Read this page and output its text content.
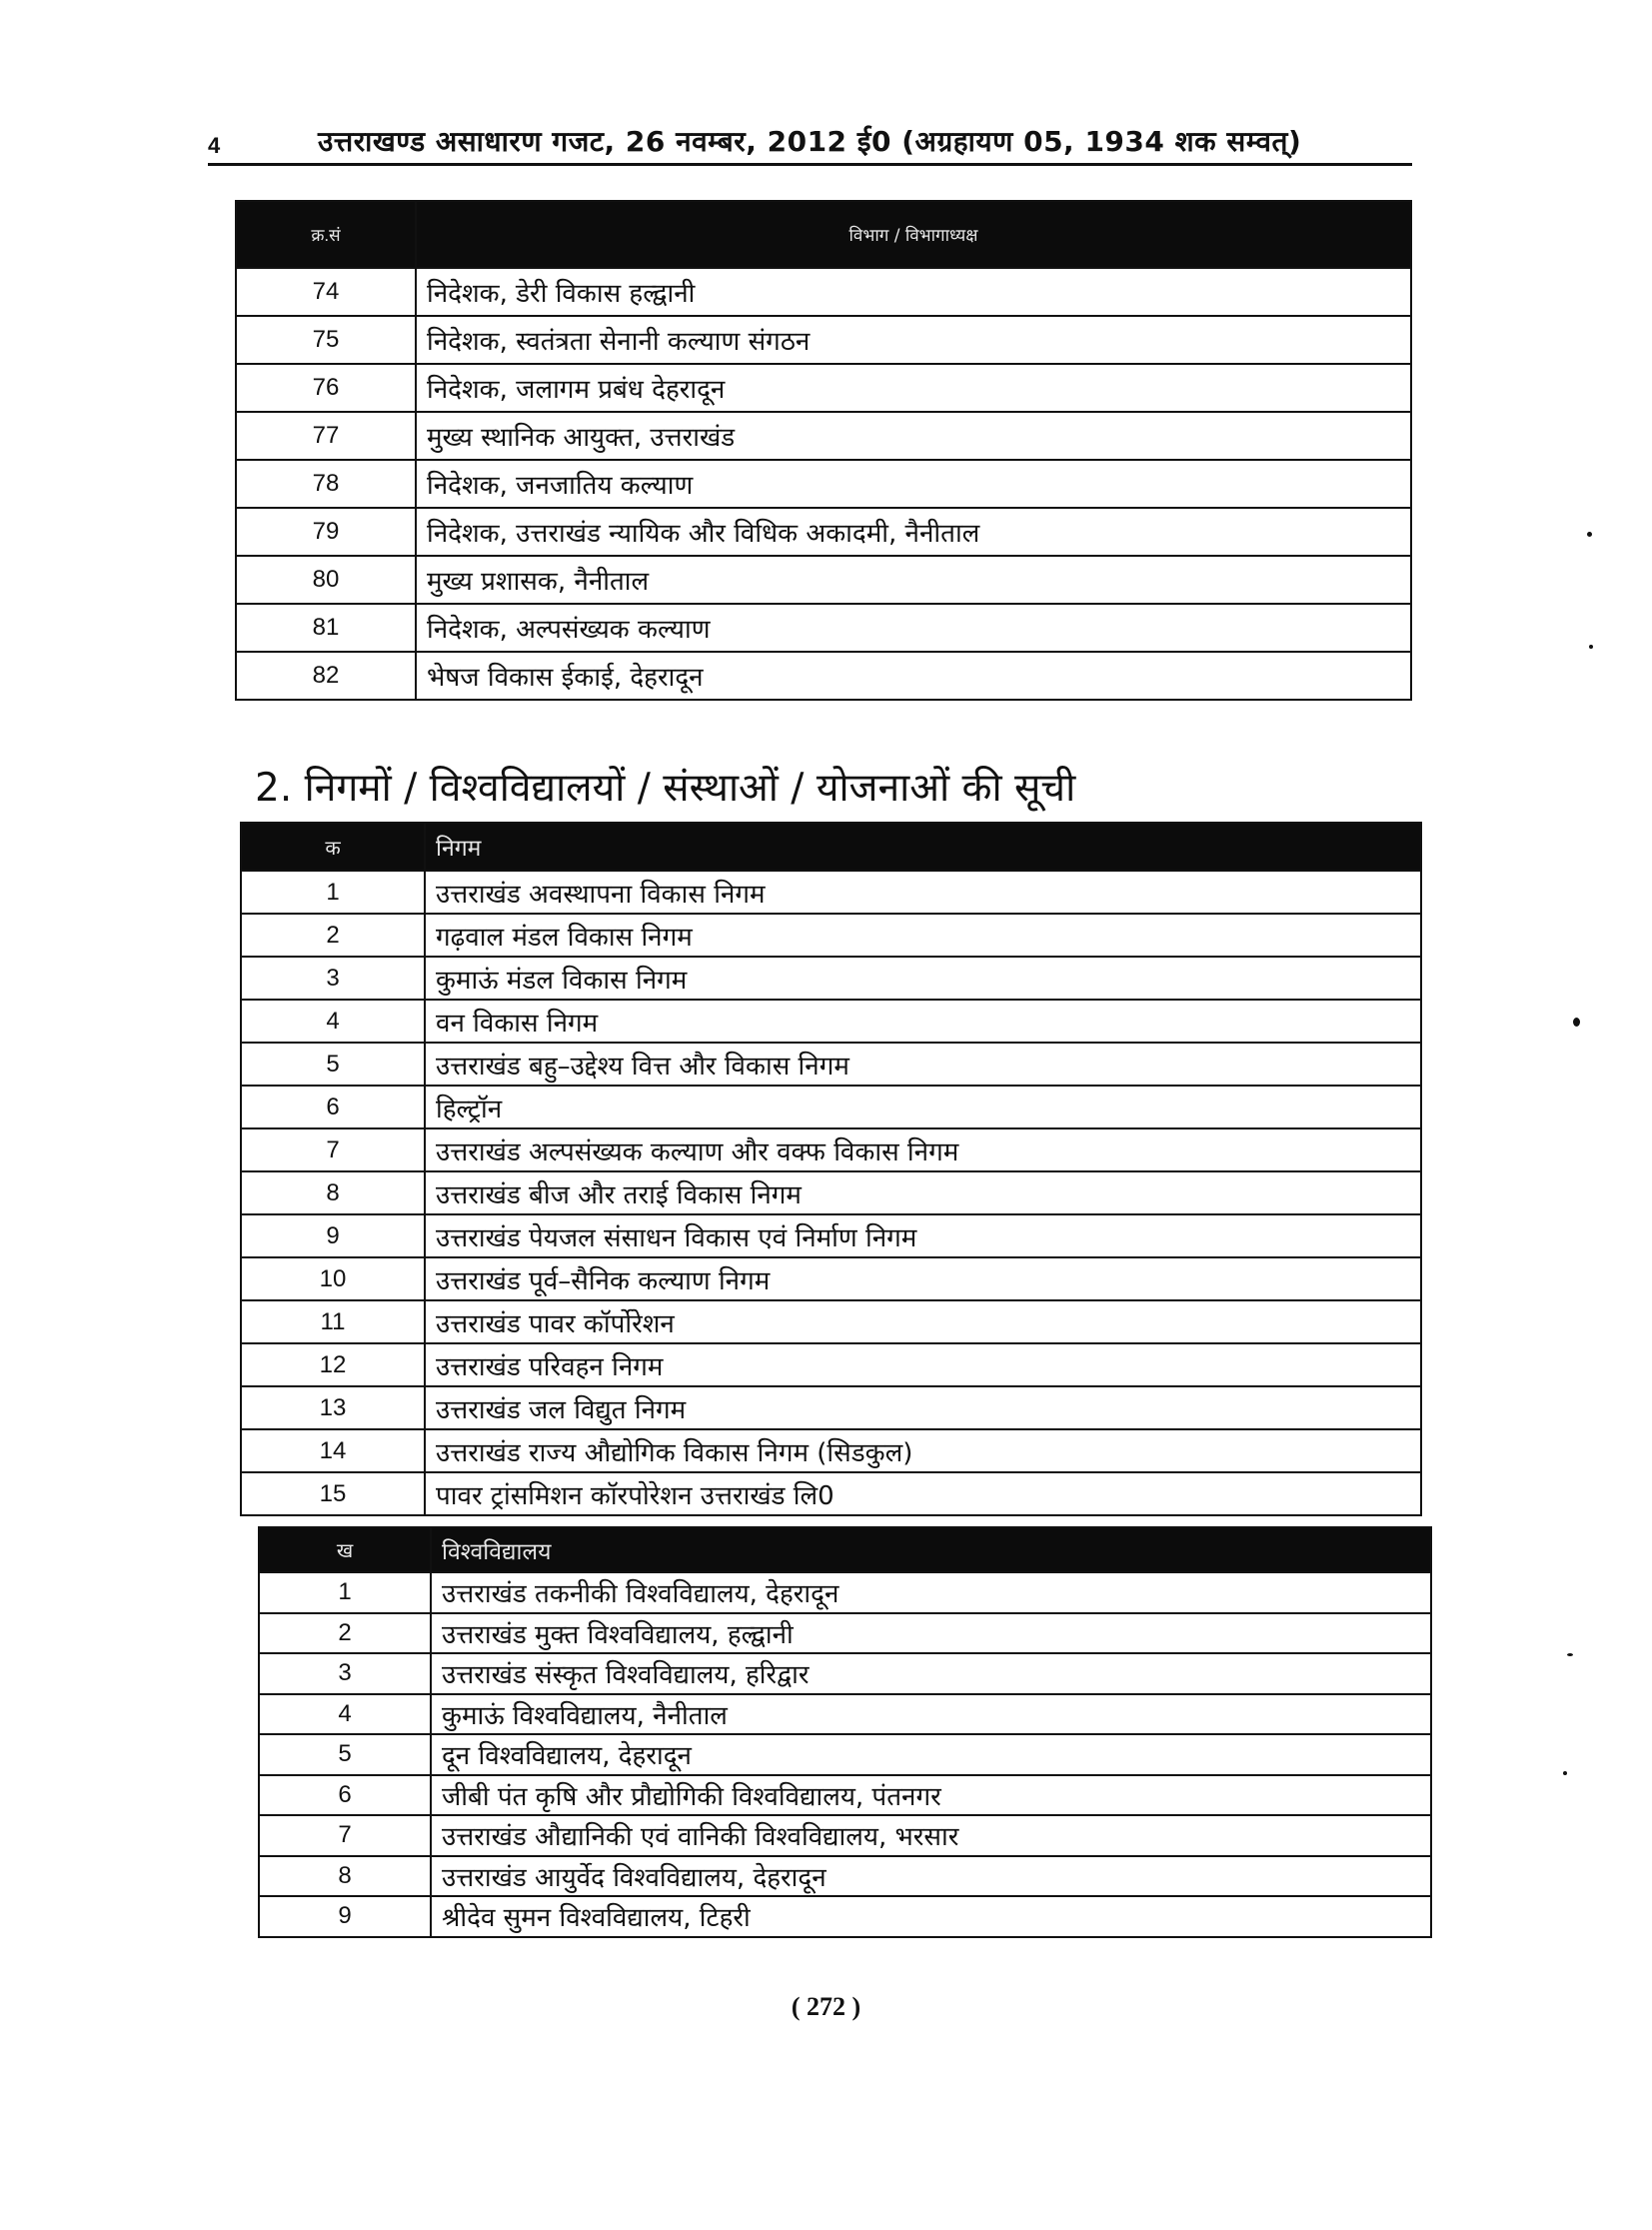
4	उत्तराखण्ड असाधारण गजट, 26 नवम्बर, 2012 ई0 (अग्रहायण 05, 1934 शक सम्वत्)
क्र.सं	विभाग / विभागाध्यक्ष
74	निदेशक, डेरी विकास हल्द्वानी
75	निदेशक, स्वतंत्रता सेनानी कल्याण संगठन
76	निदेशक, जलागम प्रबंध देहरादून
77	मुख्य स्थानिक आयुक्त, उत्तराखंड
78	निदेशक, जनजातिय कल्याण
79	निदेशक, उत्तराखंड न्यायिक और विधिक अकादमी, नैनीताल
80	मुख्य प्रशासक, नैनीताल
81	निदेशक, अल्पसंख्यक कल्याण
82	भेषज विकास ईकाई, देहरादून
2. निगमों / विश्वविद्यालयों / संस्थाओं / योजनाओं की सूची
क	निगम
1	उत्तराखंड अवस्थापना विकास निगम
2	गढ़वाल मंडल विकास निगम
3	कुमाऊं मंडल विकास निगम
4	वन विकास निगम
5	उत्तराखंड बहु–उद्देश्य वित्त और विकास निगम
6	हिल्ट्रॉन
7	उत्तराखंड अल्पसंख्यक कल्याण और वक्फ विकास निगम
8	उत्तराखंड बीज और तराई विकास निगम
9	उत्तराखंड पेयजल संसाधन विकास एवं निर्माण निगम
10	उत्तराखंड पूर्व–सैनिक कल्याण निगम
11	उत्तराखंड पावर कॉर्पोरेशन
12	उत्तराखंड परिवहन निगम
13	उत्तराखंड जल विद्युत निगम
14	उत्तराखंड राज्य औद्योगिक विकास निगम (सिडकुल)
15	पावर ट्रांसमिशन कॉरपोरेशन उत्तराखंड लि0
ख	विश्वविद्यालय
1	उत्तराखंड तकनीकी विश्वविद्यालय, देहरादून
2	उत्तराखंड मुक्त विश्वविद्यालय, हल्द्वानी
3	उत्तराखंड संस्कृत विश्वविद्यालय, हरिद्वार
4	कुमाऊं विश्वविद्यालय, नैनीताल
5	दून विश्वविद्यालय, देहरादून
6	जीबी पंत कृषि और प्रौद्योगिकी विश्वविद्यालय, पंतनगर
7	उत्तराखंड औद्यानिकी एवं वानिकी विश्वविद्यालय, भरसार
8	उत्तराखंड आयुर्वेद विश्वविद्यालय, देहरादून
9	श्रीदेव सुमन विश्वविद्यालय, टिहरी
( 272 )
